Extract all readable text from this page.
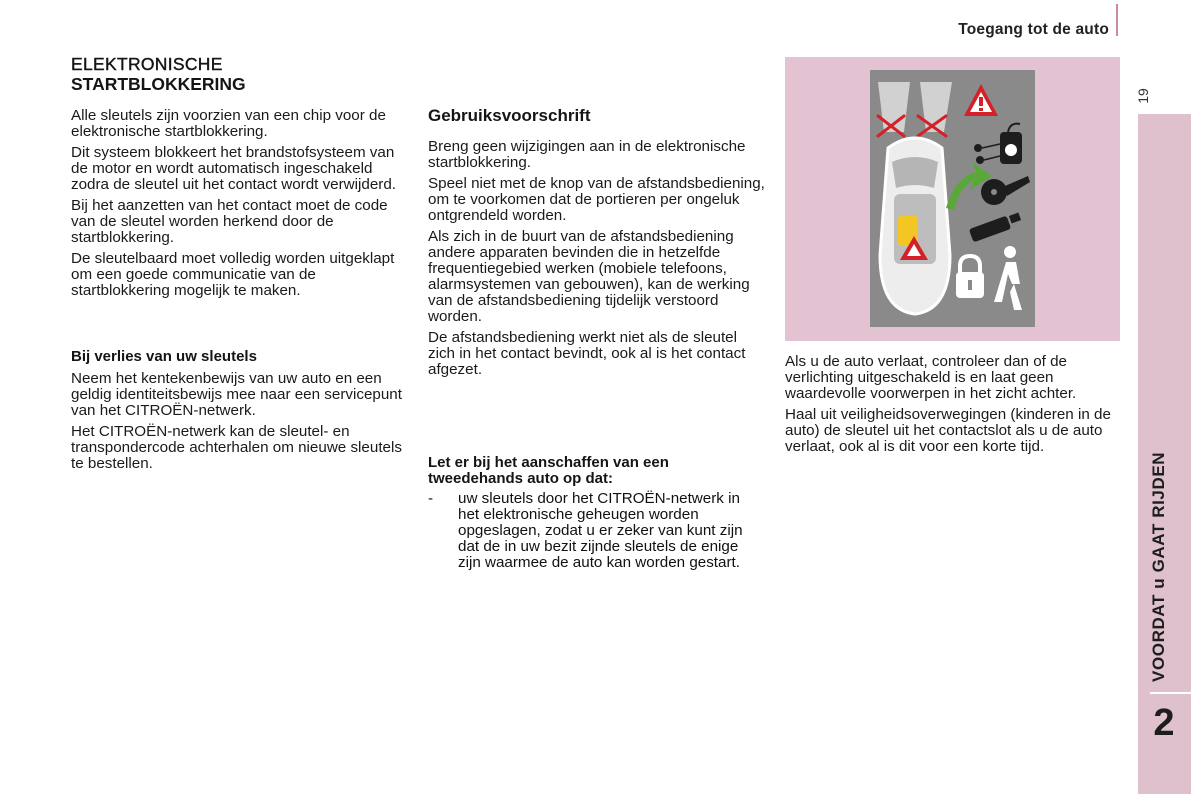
Toegang tot de auto
19
VOORDAT u GAAT RIJDEN
2
ELEKTRONISCHE
STARTBLOKKERING

Alle sleutels zijn voorzien van een chip voor de elektronische startblokkering.

Dit systeem blokkeert het brandstofsysteem van de motor en wordt automatisch ingeschakeld zodra de sleutel uit het contact wordt verwijderd.

Bij het aanzetten van het contact moet de code van de sleutel worden herkend door de startblokkering.

De sleutelbaard moet volledig worden uitgeklapt om een goede communicatie van de startblokkering mogelijk te maken.

Bij verlies van uw sleutels

Neem het kentekenbewijs van uw auto en een geldig identiteitsbewijs mee naar een servicepunt van het CITROËN-netwerk.

Het CITROËN-netwerk kan de sleutel- en transpondercode achterhalen om nieuwe sleutels te bestellen.

Gebruiksvoorschrift

Breng geen wijzigingen aan in de elektronische startblokkering.

Speel niet met de knop van de afstandsbediening, om te voorkomen dat de portieren per ongeluk ontgrendeld worden.

Als zich in de buurt van de afstandsbediening andere apparaten bevinden die in hetzelfde frequentiegebied werken (mobiele telefoons, alarmsystemen van gebouwen), kan de werking van de afstandsbediening tijdelijk verstoord worden.

De afstandsbediening werkt niet als de sleutel zich in het contact bevindt, ook al is het contact afgezet.

Let er bij het aanschaffen van een tweedehands auto op dat:
- uw sleutels door het CITROËN-netwerk in het elektronische geheugen worden opgeslagen, zodat u er zeker van kunt zijn dat de in uw bezit zijnde sleutels de enige zijn waarmee de auto kan worden gestart.

Als u de auto verlaat, controleer dan of de verlichting uitgeschakeld is en laat geen waardevolle voorwerpen in het zicht achter.

Haal uit veiligheidsoverwegingen (kinderen in de auto) de sleutel uit het contactslot als u de auto verlaat, ook al is dit voor een korte tijd.
